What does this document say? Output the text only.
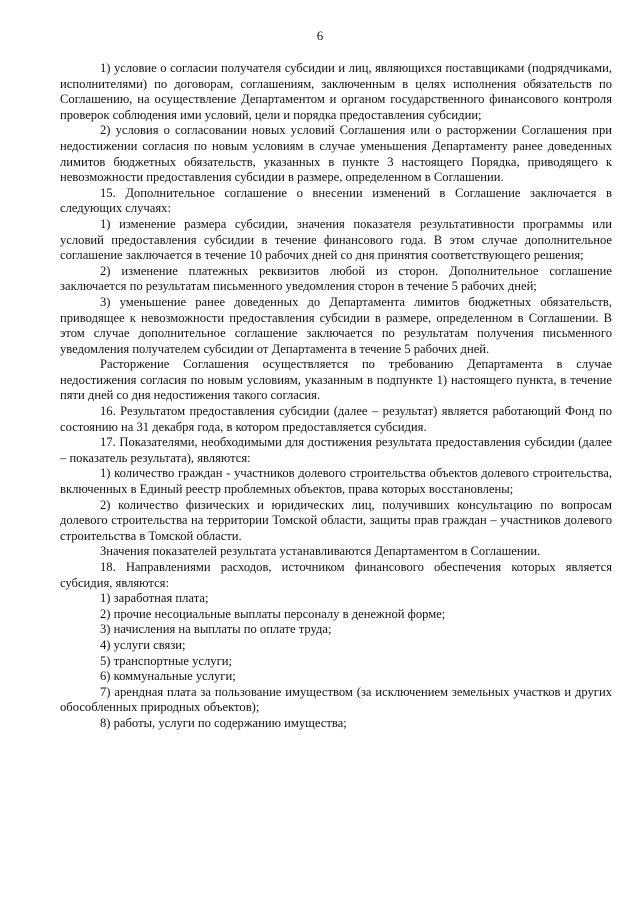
6

1) условие о согласии получателя субсидии и лиц, являющихся поставщиками (подрядчиками, исполнителями) по договорам, соглашениям, заключенным в целях исполнения обязательств по Соглашению, на осуществление Департаментом и органом государственного финансового контроля проверок соблюдения ими условий, цели и порядка предоставления субсидии;

2) условия о согласовании новых условий Соглашения или о расторжении Соглашения при недостижении согласия по новым условиям в случае уменьшения Департаменту ранее доведенных лимитов бюджетных обязательств, указанных в пункте 3 настоящего Порядка, приводящего к невозможности предоставления субсидии в размере, определенном в Соглашении.

15. Дополнительное соглашение о внесении изменений в Соглашение заключается в следующих случаях:

1) изменение размера субсидии, значения показателя результативности программы или условий предоставления субсидии в течение финансового года. В этом случае дополнительное соглашение заключается в течение 10 рабочих дней со дня принятия соответствующего решения;

2) изменение платежных реквизитов любой из сторон. Дополнительное соглашение заключается по результатам письменного уведомления сторон в течение 5 рабочих дней;

3) уменьшение ранее доведенных до Департамента лимитов бюджетных обязательств, приводящее к невозможности предоставления субсидии в размере, определенном в Соглашении. В этом случае дополнительное соглашение заключается по результатам получения письменного уведомления получателем субсидии от Департамента в течение 5 рабочих дней.

Расторжение Соглашения осуществляется по требованию Департамента в случае недостижения согласия по новым условиям, указанным в подпункте 1) настоящего пункта, в течение пяти дней со дня недостижения такого согласия.

16. Результатом предоставления субсидии (далее – результат) является работающий Фонд по состоянию на 31 декабря года, в котором предоставляется субсидия.

17. Показателями, необходимыми для достижения результата предоставления субсидии (далее – показатель результата), являются:

1) количество граждан - участников долевого строительства объектов долевого строительства, включенных в Единый реестр проблемных объектов, права которых восстановлены;

2) количество физических и юридических лиц, получивших консультацию по вопросам долевого строительства на территории Томской области, защиты прав граждан – участников долевого строительства в Томской области.

Значения показателей результата устанавливаются Департаментом в Соглашении.

18. Направлениями расходов, источником финансового обеспечения которых является субсидия, являются:

1) заработная плата;

2) прочие несоциальные выплаты персоналу в денежной форме;

3) начисления на выплаты по оплате труда;

4) услуги связи;

5) транспортные услуги;

6) коммунальные услуги;

7) арендная плата за пользование имуществом (за исключением земельных участков и других обособленных природных объектов);

8) работы, услуги по содержанию имущества;
